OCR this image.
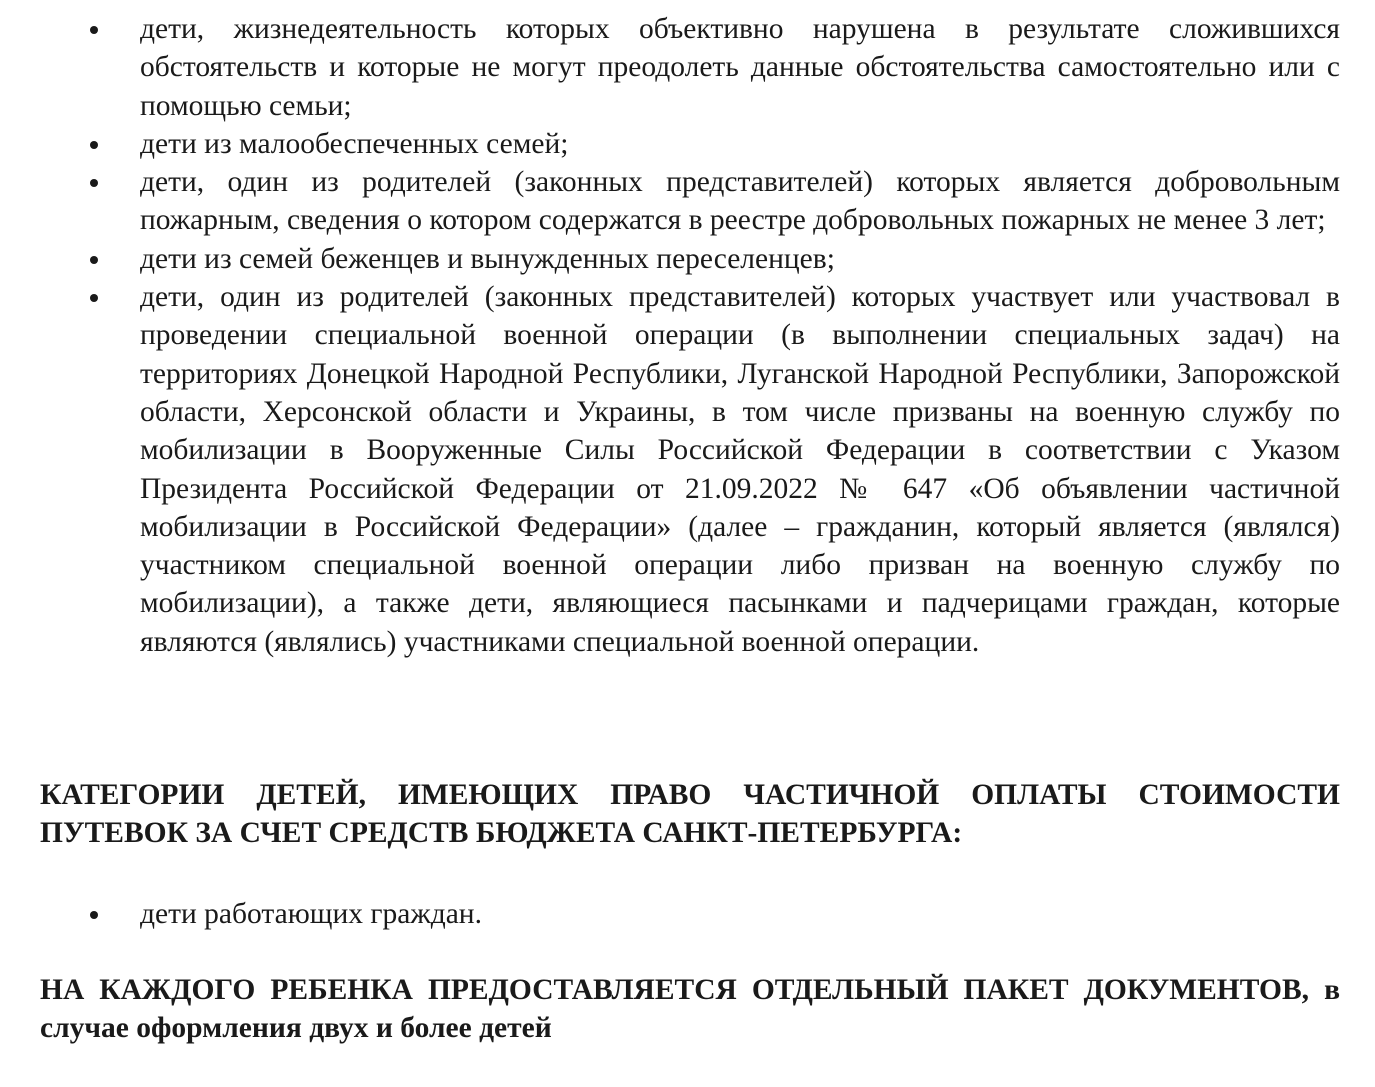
дети, жизнедеятельность которых объективно нарушена в результате сложившихся обстоятельств и которые не могут преодолеть данные обстоятельства самостоятельно или с помощью семьи;
дети из малообеспеченных семей;
дети, один из родителей (законных представителей) которых является добровольным пожарным, сведения о котором содержатся в реестре добровольных пожарных не менее 3 лет;
дети из семей беженцев и вынужденных переселенцев;
дети, один из родителей (законных представителей) которых участвует или участвовал в проведении специальной военной операции (в выполнении специальных задач) на территориях Донецкой Народной Республики, Луганской Народной Республики, Запорожской области, Херсонской области и Украины, в том числе призваны на военную службу по мобилизации в Вооруженные Силы Российской Федерации в соответствии с Указом Президента Российской Федерации от 21.09.2022 № 647 «Об объявлении частичной мобилизации в Российской Федерации» (далее – гражданин, который является (являлся) участником специальной военной операции либо призван на военную службу по мобилизации), а также дети, являющиеся пасынками и падчерицами граждан, которые являются (являлись) участниками специальной военной операции.

КАТЕГОРИИ ДЕТЕЙ, ИМЕЮЩИХ ПРАВО ЧАСТИЧНОЙ ОПЛАТЫ СТОИМОСТИ ПУТЕВОК ЗА СЧЕТ СРЕДСТВ БЮДЖЕТА САНКТ-ПЕТЕРБУРГА:

дети работающих граждан.

НА КАЖДОГО РЕБЕНКА ПРЕДОСТАВЛЯЕТСЯ ОТДЕЛЬНЫЙ ПАКЕТ ДОКУМЕНТОВ, в случае оформления двух и более детей
